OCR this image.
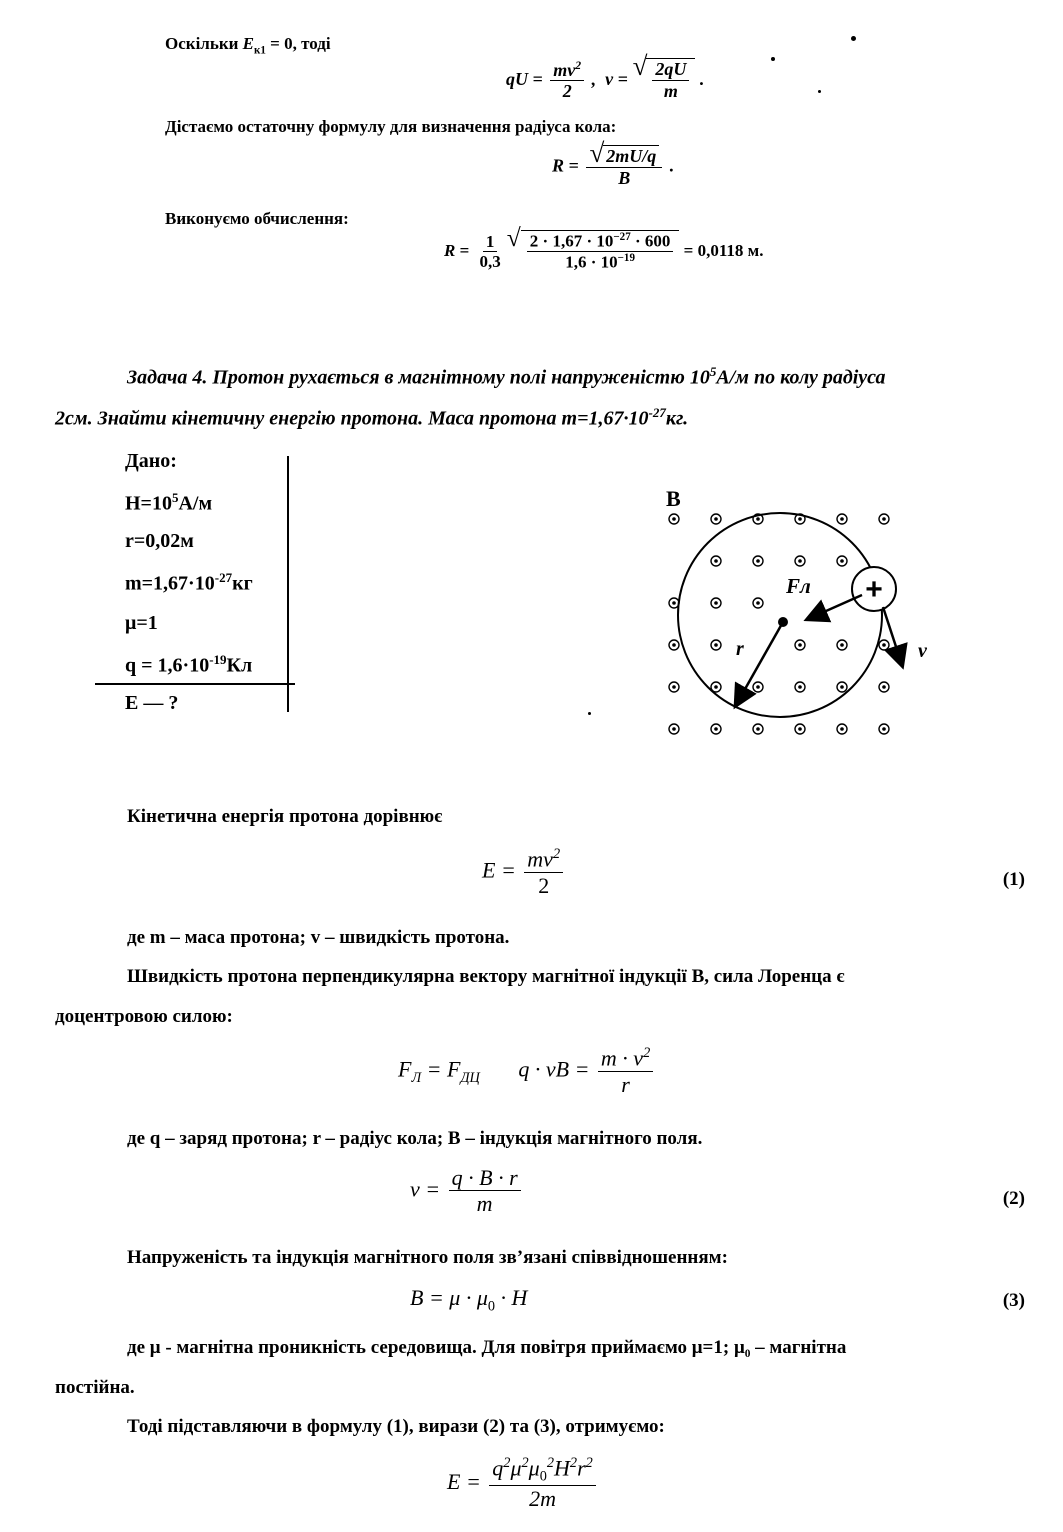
Оскільки $E_{к1} = 0$, тоді
qU = $\frac{mv^2}{2}$ ,  v = √ $\frac{2qU}{m}$ .
Дістаємо остаточну формулу для визначення радіуса кола:
R = √ $\frac{2mU/q}{B}$ .
Виконуємо обчислення:
$R = \frac{1}{0,3}$ √ $\frac{2 \cdot 1,67 \cdot 10^{-27} \cdot 600}{1,6 \cdot 10^{-19}} = 0,0118$ м.
Задача 4. Протон рухається в магнітному полі напруженістю $10^5А/м$ по колу радіуса
2см. Знайти кінетичну енергію протона. Маса протона $m=1,67\cdot 10^{-27}кг$.
Дано:
$H=10^5А/м$
r=0,02м
$m=1,67\cdot 10^{-27}кг$
μ=1
$q = 1,6\cdot 10^{-19}Кл$
E — ?
B
+
Fл
r	v
Кінетична енергія протона дорівнює
$E = \frac{mv^2}{2}$	(1)
де m – маса протона; v – швидкість протона.
Швидкість протона перпендикулярна вектору магнітної індукції B, сила Лоренца є
доцентровою силою:
$F_Л = F_{ДЦ}$       q · vB = $\frac{m \cdot v^2}{r}$
де q – заряд протона; r – радіус кола; B – індукція магнітного поля.
$v = \frac{q \cdot B \cdot r}{m}$	(2)
Напруженість та індукція магнітного поля зв’язані співвідношенням:
$B = \mu \cdot \mu_0 \cdot H$	(3)
де μ - магнітна проникність середовища. Для повітря приймаємо μ=1; μ₀ – магнітна
постійна.
Тоді підставляючи в формулу (1), вирази (2) та (3), отримуємо:
$E = \frac{q^2\mu^2\mu_0^2H^2r^2}{2m}$
